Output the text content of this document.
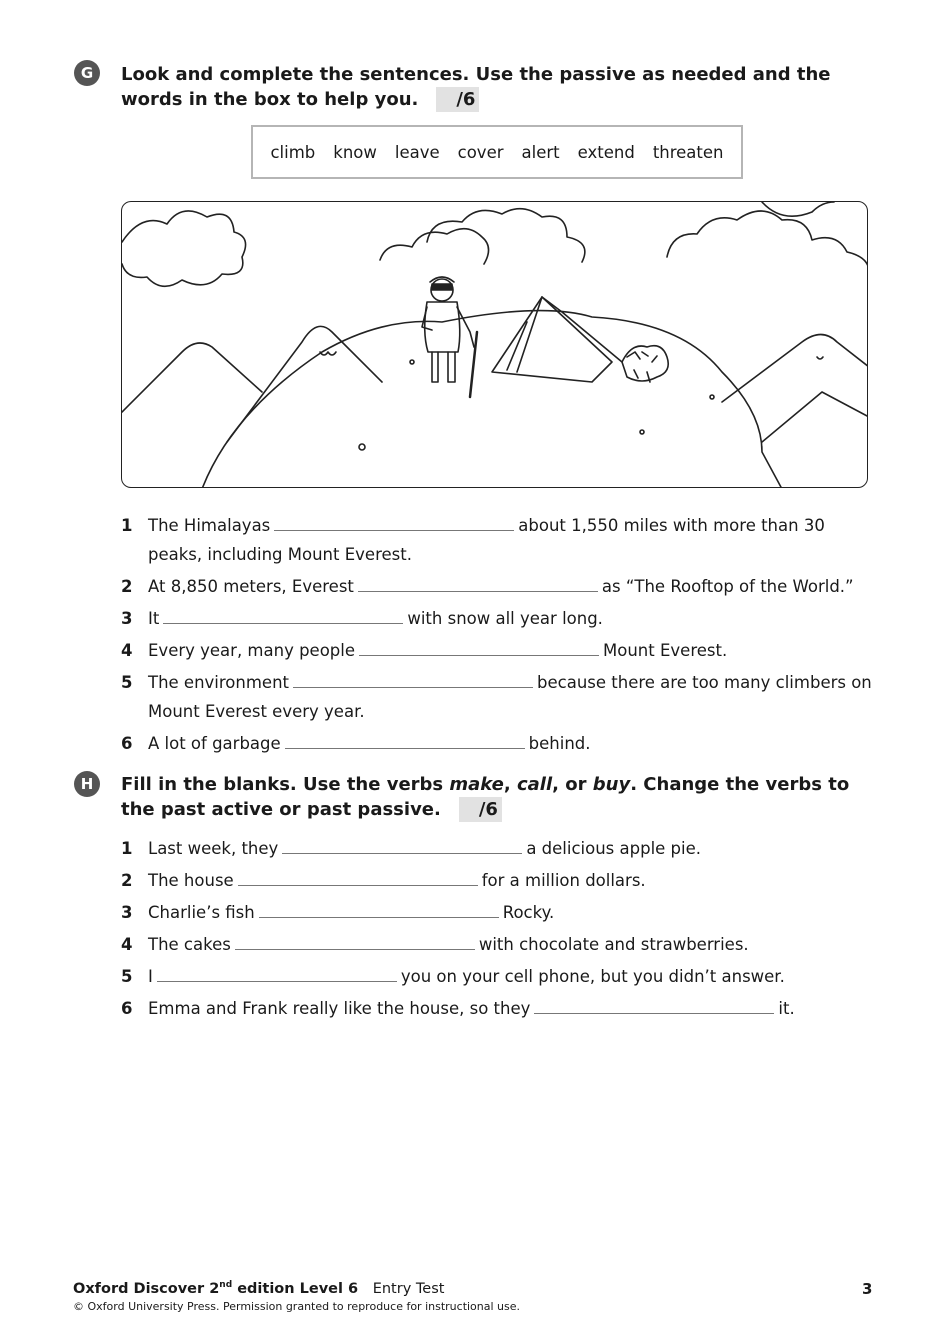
G	Look and complete the sentences. Use the passive as needed and the words in the box to help you. /6
climb know leave cover alert extend threaten
1 The Himalayas	about 1,550 miles with more than 30 peaks, including Mount Everest.
2 At 8,850 meters, Everest	as “The Rooftop of the World.”
3 It	with snow all year long.
4 Every year, many people	Mount Everest.
5 The environment	because there are too many climbers on Mount Everest every year.
6 A lot of garbage	behind.
H	Fill in the blanks. Use the verbs make, call, or buy. Change the verbs to the past active or past passive. /6
1 Last week, they	a delicious apple pie.
2 The house	for a million dollars.
3 Charlie’s fish	Rocky.
4 The cakes	with chocolate and strawberries.
5 I	you on your cell phone, but you didn’t answer.
6 Emma and Frank really like the house, so they	it.
Oxford Discover 2nd edition Level 6 Entry Test
© Oxford University Press. Permission granted to reproduce for instructional use.
3
